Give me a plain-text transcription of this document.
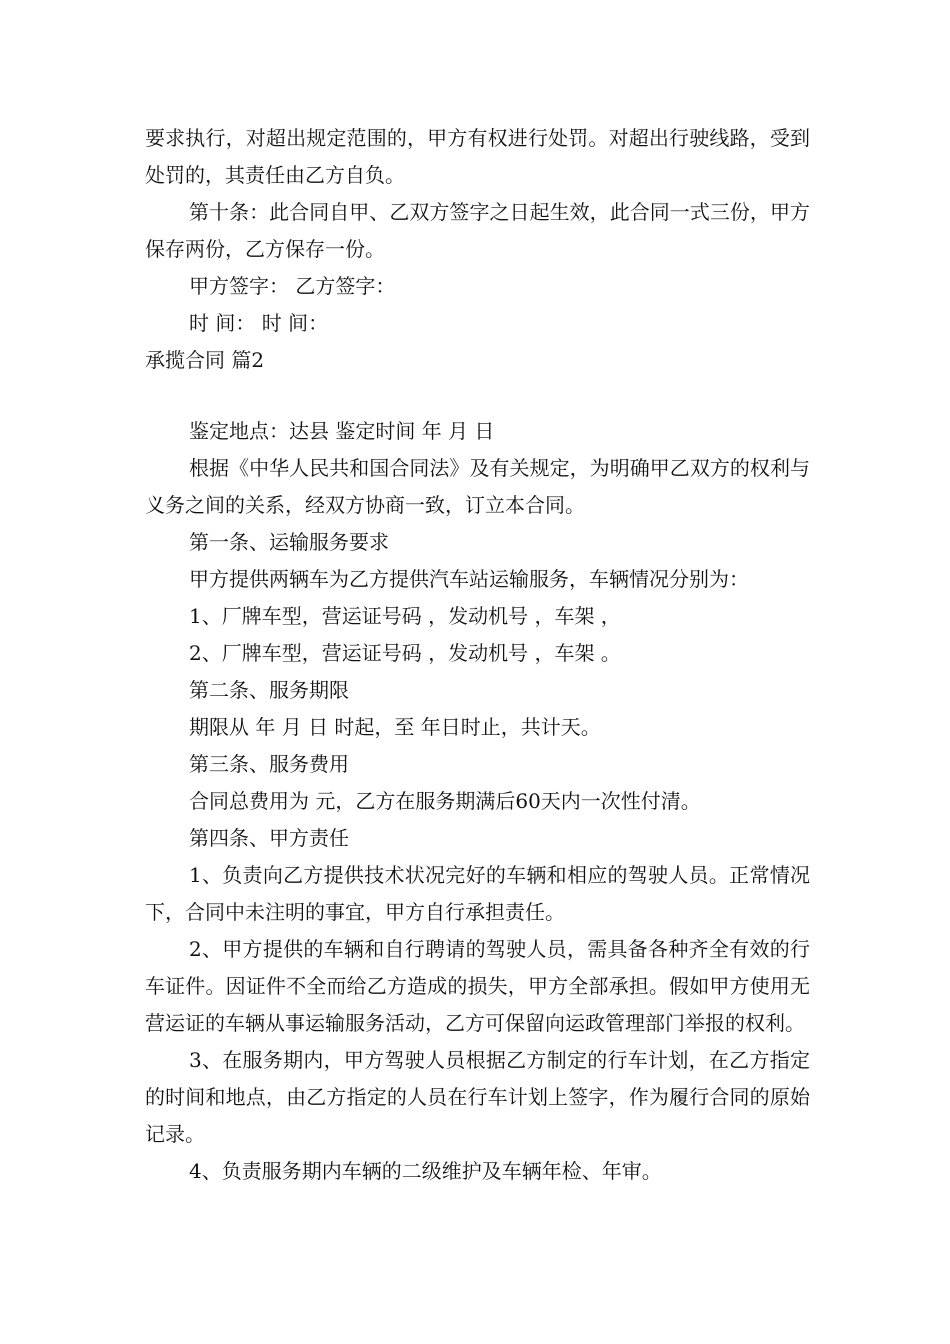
要求执行，对超出规定范围的，甲方有权进行处罚。对超出行驶线路，受到处罚的，其责任由乙方自负。

第十条：此合同自甲、乙双方签字之日起生效，此合同一式三份，甲方保存两份，乙方保存一份。

甲方签字： 乙方签字：

时 间： 时 间：

承揽合同 篇2

鉴定地点：达县 鉴定时间 年 月 日

根据《中华人民共和国合同法》及有关规定，为明确甲乙双方的权利与义务之间的关系，经双方协商一致，订立本合同。

第一条、运输服务要求

甲方提供两辆车为乙方提供汽车站运输服务，车辆情况分别为：

1、厂牌车型，营运证号码 ，发动机号 ，车架 ，

2、厂牌车型，营运证号码 ，发动机号 ，车架 。

第二条、服务期限

期限从 年 月 日 时起，至 年日时止，共计天。

第三条、服务费用

合同总费用为 元，乙方在服务期满后60天内一次性付清。

第四条、甲方责任

1、负责向乙方提供技术状况完好的车辆和相应的驾驶人员。正常情况下，合同中未注明的事宜，甲方自行承担责任。

2、甲方提供的车辆和自行聘请的驾驶人员，需具备各种齐全有效的行车证件。因证件不全而给乙方造成的损失，甲方全部承担。假如甲方使用无营运证的车辆从事运输服务活动，乙方可保留向运政管理部门举报的权利。

3、在服务期内，甲方驾驶人员根据乙方制定的行车计划，在乙方指定的时间和地点，由乙方指定的人员在行车计划上签字，作为履行合同的原始记录。

4、负责服务期内车辆的二级维护及车辆年检、年审。
